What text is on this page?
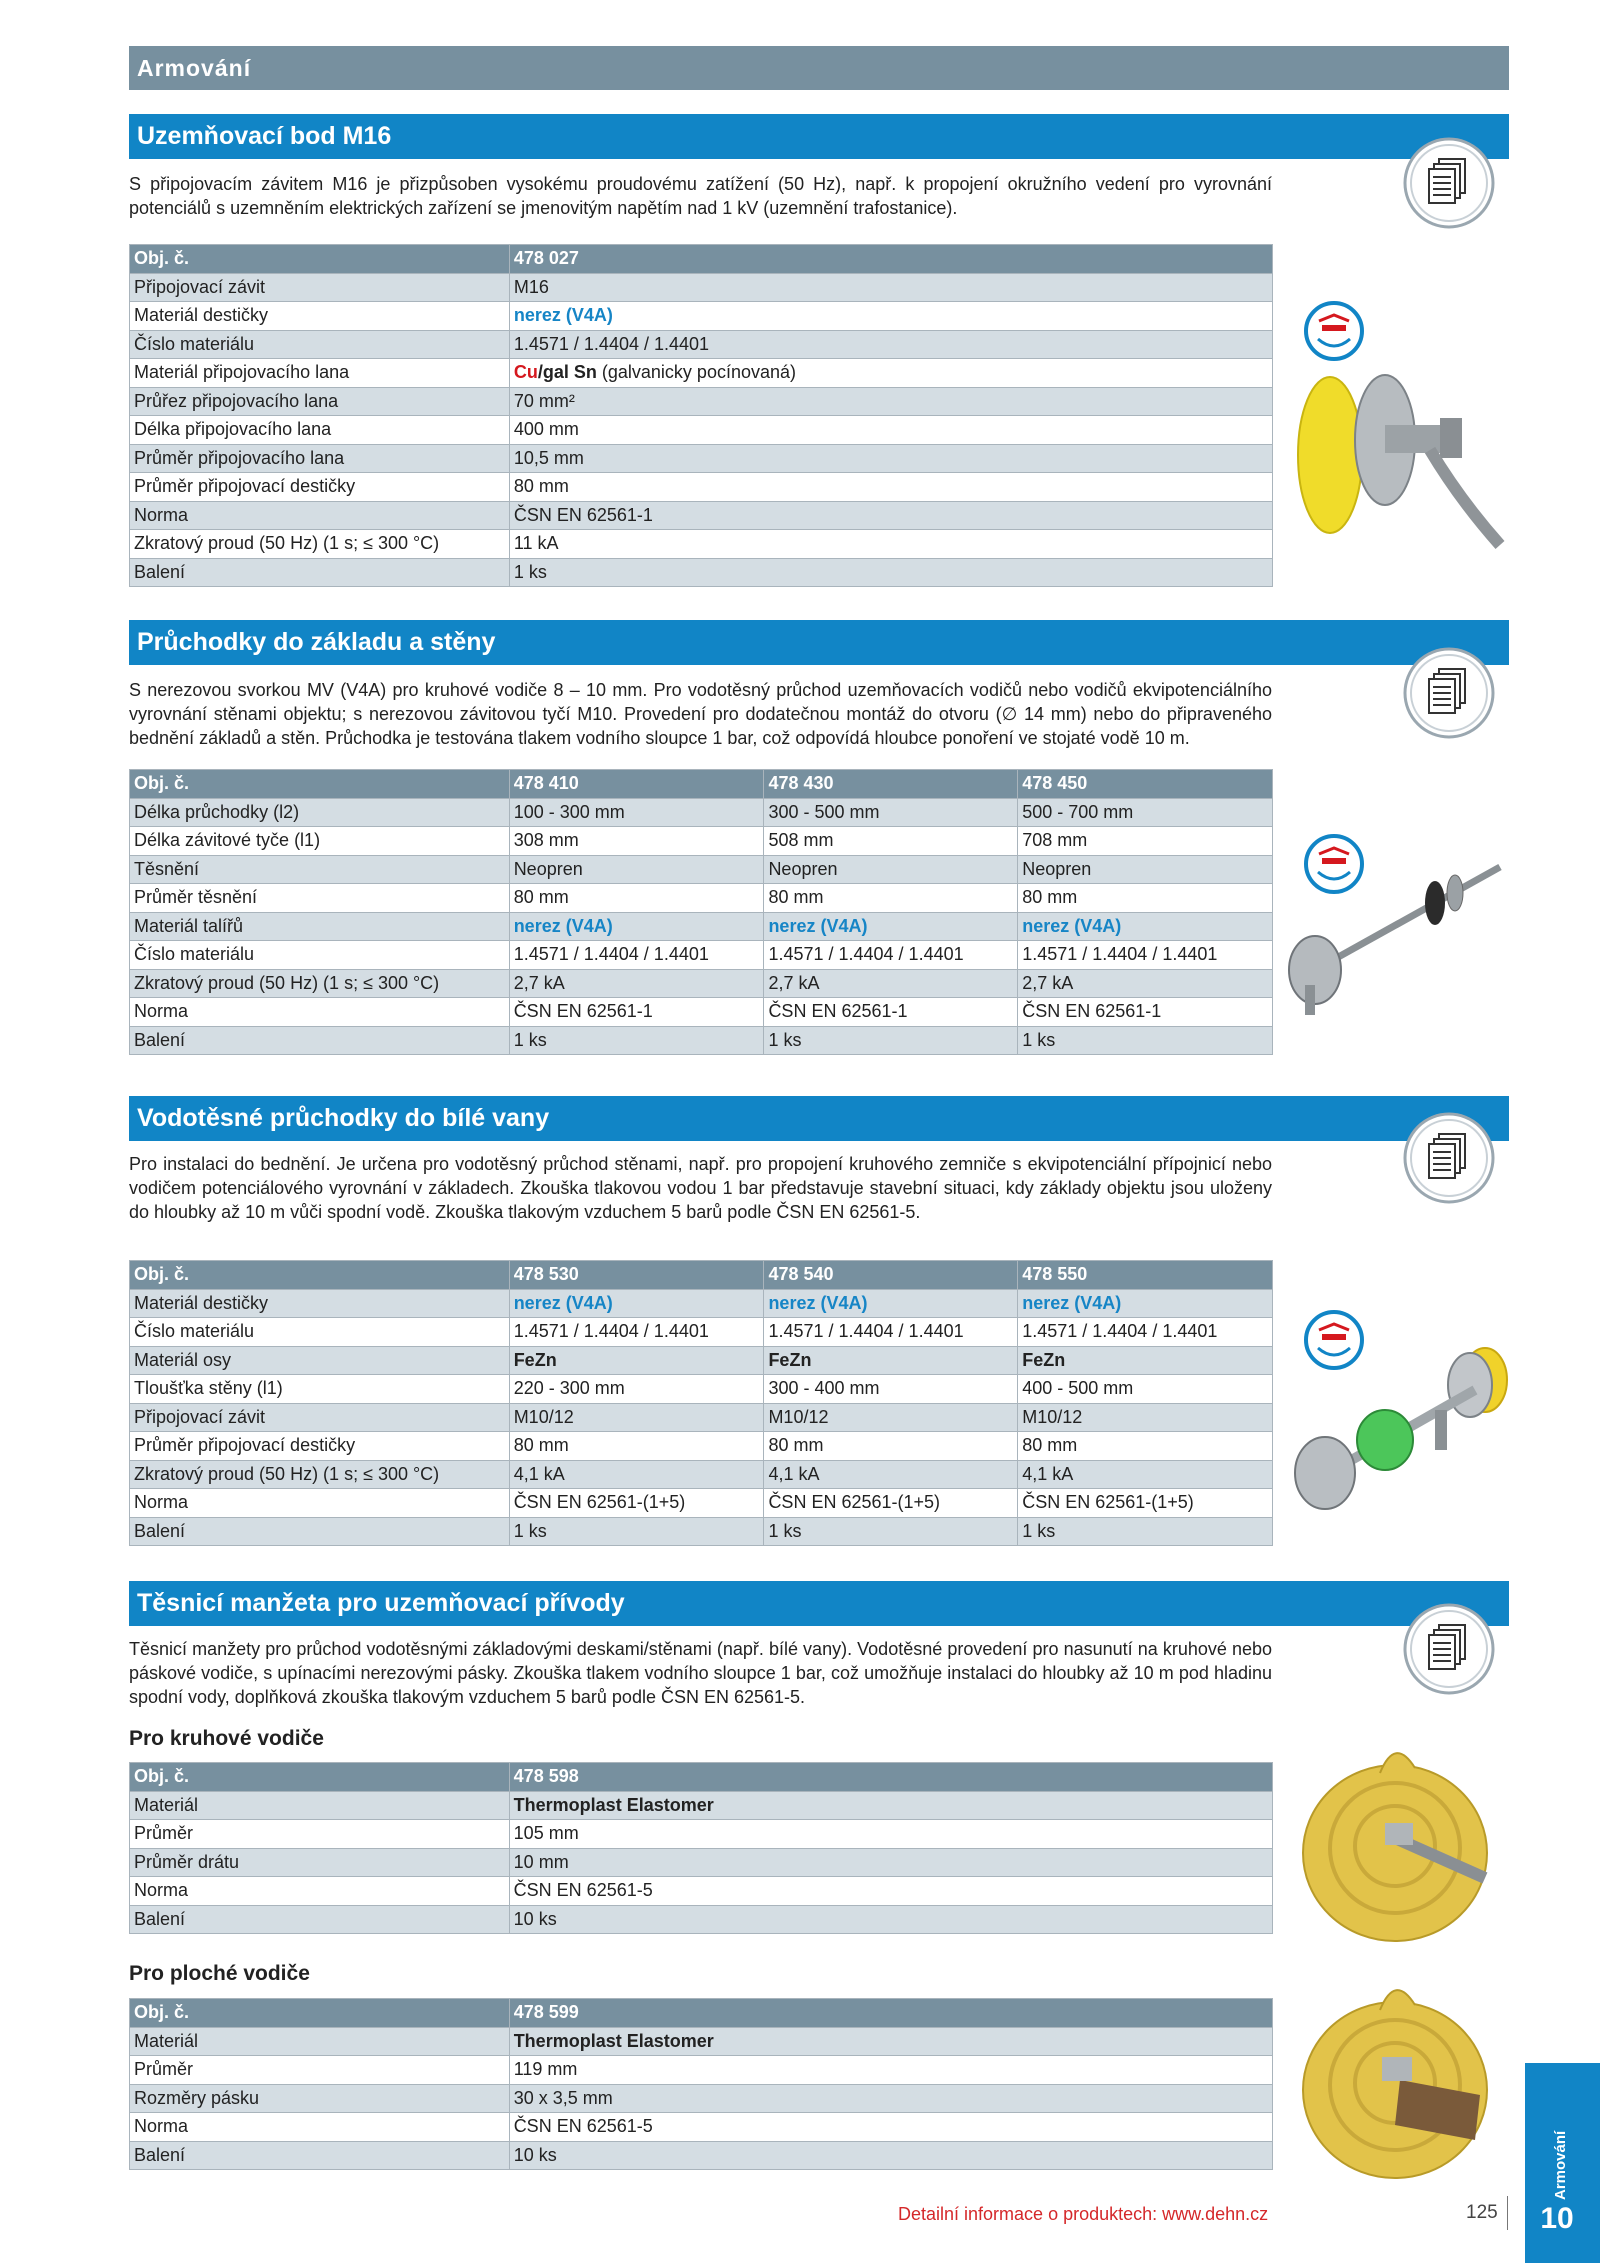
Armování
Uzemňovací bod M16
S připojovacím závitem M16 je přizpůsoben vysokému proudovému zatížení (50 Hz), např. k propojení okružního vedení pro vyrovnání potenciálů s uzemněním elektrických zařízení se jmenovitým napětím nad 1 kV (uzemnění trafostanice).
Obj. č.	478 027
Připojovací závit	M16
Materiál destičky	nerez (V4A)
Číslo materiálu	1.4571 / 1.4404 / 1.4401
Materiál připojovacího lana	Cu/gal Sn (galvanicky pocínovaná)
Průřez připojovacího lana	70 mm²
Délka připojovacího lana	400 mm
Průměr připojovacího lana	10,5 mm
Průměr připojovací destičky	80 mm
Norma	ČSN EN 62561-1
Zkratový proud (50 Hz) (1 s; ≤ 300 °C)	11 kA
Balení	1 ks
Průchodky do základu a stěny
S nerezovou svorkou MV (V4A) pro kruhové vodiče 8 – 10 mm. Pro vodotěsný průchod uzemňovacích vodičů nebo vodičů ekvipotenciálního vyrovnání stěnami objektu; s nerezovou závitovou tyčí M10. Provedení pro dodatečnou montáž do otvoru (∅ 14 mm) nebo do připraveného bednění základů a stěn. Průchodka je testována tlakem vodního sloupce 1 bar, což odpovídá hloubce ponoření ve stojaté vodě 10 m.
Obj. č.	478 410	478 430	478 450
Délka průchodky (l2)	100 - 300 mm	300 - 500 mm	500 - 700 mm
Délka závitové tyče (l1)	308 mm	508 mm	708 mm
Těsnění	Neopren	Neopren	Neopren
Průměr těsnění	80 mm	80 mm	80 mm
Materiál talířů	nerez (V4A)	nerez (V4A)	nerez (V4A)
Číslo materiálu	1.4571 / 1.4404 / 1.4401	1.4571 / 1.4404 / 1.4401	1.4571 / 1.4404 / 1.4401
Zkratový proud (50 Hz) (1 s; ≤ 300 °C)	2,7 kA	2,7 kA	2,7 kA
Norma	ČSN EN 62561-1	ČSN EN 62561-1	ČSN EN 62561-1
Balení	1 ks	1 ks	1 ks
Vodotěsné průchodky do bílé vany
Pro instalaci do bednění. Je určena pro vodotěsný průchod stěnami, např. pro propojení kruhového zemniče s ekvipotenciální přípojnicí nebo vodičem potenciálového vyrovnání v základech. Zkouška tlakovou vodou 1 bar představuje stavební situaci, kdy základy objektu jsou uloženy do hloubky až 10 m vůči spodní vodě. Zkouška tlakovým vzduchem 5 barů podle ČSN EN 62561-5.
Obj. č.	478 530	478 540	478 550
Materiál destičky	nerez (V4A)	nerez (V4A)	nerez (V4A)
Číslo materiálu	1.4571 / 1.4404 / 1.4401	1.4571 / 1.4404 / 1.4401	1.4571 / 1.4404 / 1.4401
Materiál osy	FeZn	FeZn	FeZn
Tloušťka stěny (l1)	220 - 300 mm	300 - 400 mm	400 - 500 mm
Připojovací závit	M10/12	M10/12	M10/12
Průměr připojovací destičky	80 mm	80 mm	80 mm
Zkratový proud (50 Hz) (1 s; ≤ 300 °C)	4,1 kA	4,1 kA	4,1 kA
Norma	ČSN EN 62561-(1+5)	ČSN EN 62561-(1+5)	ČSN EN 62561-(1+5)
Balení	1 ks	1 ks	1 ks
Těsnicí manžeta pro uzemňovací přívody
Těsnicí manžety pro průchod vodotěsnými základovými deskami/stěnami (např. bílé vany). Vodotěsné provedení pro nasunutí na kruhové nebo páskové vodiče, s upínacími nerezovými pásky. Zkouška tlakem vodního sloupce 1 bar, což umožňuje instalaci do hloubky až 10 m pod hladinu spodní vody, doplňková zkouška tlakovým vzduchem 5 barů podle ČSN EN 62561-5.
Pro kruhové vodiče
Obj. č.	478 598
Materiál	Thermoplast Elastomer
Průměr	105 mm
Průměr drátu	10 mm
Norma	ČSN EN 62561-5
Balení	10 ks
Pro ploché vodiče
Obj. č.	478 599
Materiál	Thermoplast Elastomer
Průměr	119 mm
Rozměry pásku	30 x 3,5 mm
Norma	ČSN EN 62561-5
Balení	10 ks
Detailní informace o produktech: www.dehn.cz	125
Armování
10
